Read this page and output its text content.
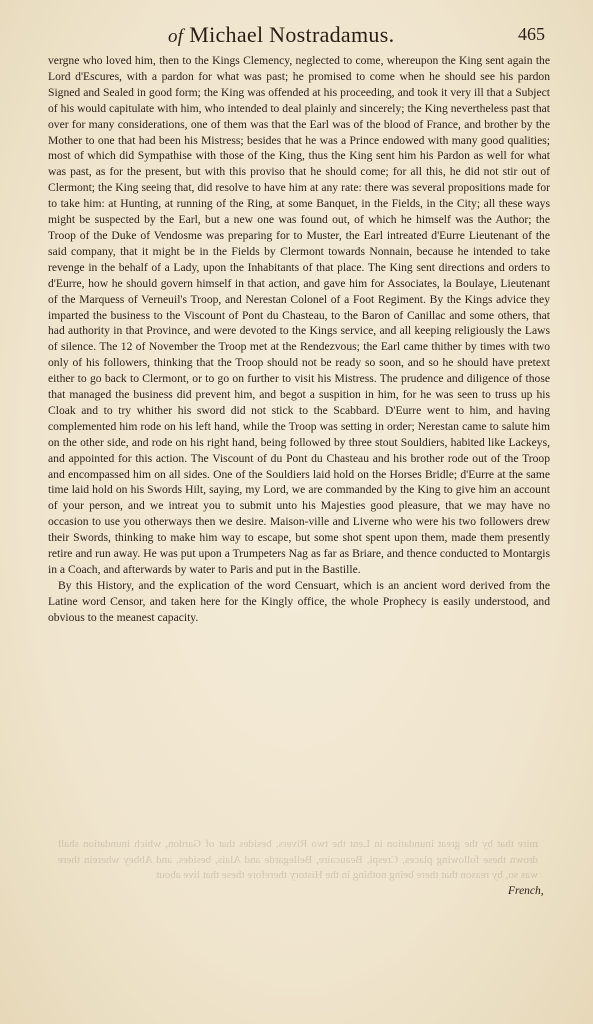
of Michael Nostradamus.	465

vergne who loved him, then to the Kings Clemency, neglected to come, whereupon the King sent again the Lord d'Escures, with a pardon for what was past; he promised to come when he should see his pardon Signed and Sealed in good form; the King was offended at his proceeding, and took it very ill that a Subject of his would capitulate with him, who intended to deal plainly and sincerely; the King nevertheless past that over for many considerations, one of them was that the Earl was of the blood of France, and brother by the Mother to one that had been his Mistress; besides that he was a Prince endowed with many good qualities; most of which did Sympathise with those of the King, thus the King sent him his Pardon as well for what was past, as for the present, but with this proviso that he should come; for all this, he did not stir out of Clermont; the King seeing that, did resolve to have him at any rate: there was several propositions made for to take him: at Hunting, at running of the Ring, at some Banquet, in the Fields, in the City; all these ways might be suspected by the Earl, but a new one was found out, of which he himself was the Author; the Troop of the Duke of Vendosme was preparing for to Muster, the Earl intreated d'Eurre Lieutenant of the said company, that it might be in the Fields by Clermont towards Nonnain, because he intended to take revenge in the behalf of a Lady, upon the Inhabitants of that place. The King sent directions and orders to d'Eurre, how he should govern himself in that action, and gave him for Associates, la Boulaye, Lieutenant of the Marquess of Verneuil's Troop, and Nerestan Colonel of a Foot Regiment. By the Kings advice they imparted the business to the Viscount of Pont du Chasteau, to the Baron of Canillac and some others, that had authority in that Province, and were devoted to the Kings service, and all keeping religiously the Laws of silence. The 12 of November the Troop met at the Rendezvous; the Earl came thither by times with two only of his followers, thinking that the Troop should not be ready so soon, and so he should have pretext either to go back to Clermont, or to go on further to visit his Mistress. The prudence and diligence of those that managed the business did prevent him, and begot a suspition in him, for he was seen to truss up his Cloak and to try whither his sword did not stick to the Scabbard. D'Eurre went to him, and having complemented him rode on his left hand, while the Troop was setting in order; Nerestan came to salute him on the other side, and rode on his right hand, being followed by three stout Souldiers, habited like Lackeys, and appointed for this action. The Viscount of du Pont du Chasteau and his brother rode out of the Troop and encompassed him on all sides. One of the Souldiers laid hold on the Horses Bridle; d'Eurre at the same time laid hold on his Swords Hilt, saying, my Lord, we are commanded by the King to give him an account of your person, and we intreat you to submit unto his Majesties good pleasure, that we may have no occasion to use you otherways then we desire. Maison-ville and Liverne who were his two followers drew their Swords, thinking to make him way to escape, but some shot spent upon them, made them presently retire and run away. He was put upon a Trumpeters Nag as far as Briare, and thence conducted to Montargis in a Coach, and afterwards by water to Paris and put in the Bastille.

By this History, and the explication of the word Censuart, which is an ancient word derived from the Latine word Censor, and taken here for the Kingly office, the whole Prophecy is easily understood, and obvious to the meanest capacity.

mire that by the great inundation in Lent the two Rivers, besides that of Gardon, which inundation shall drown these following places, Crespi, Beaucaire, Bellegarde and Alais, besides, and Abbey wherein there was so, by reason that there being nothing in the History therefore these that live about
French,
